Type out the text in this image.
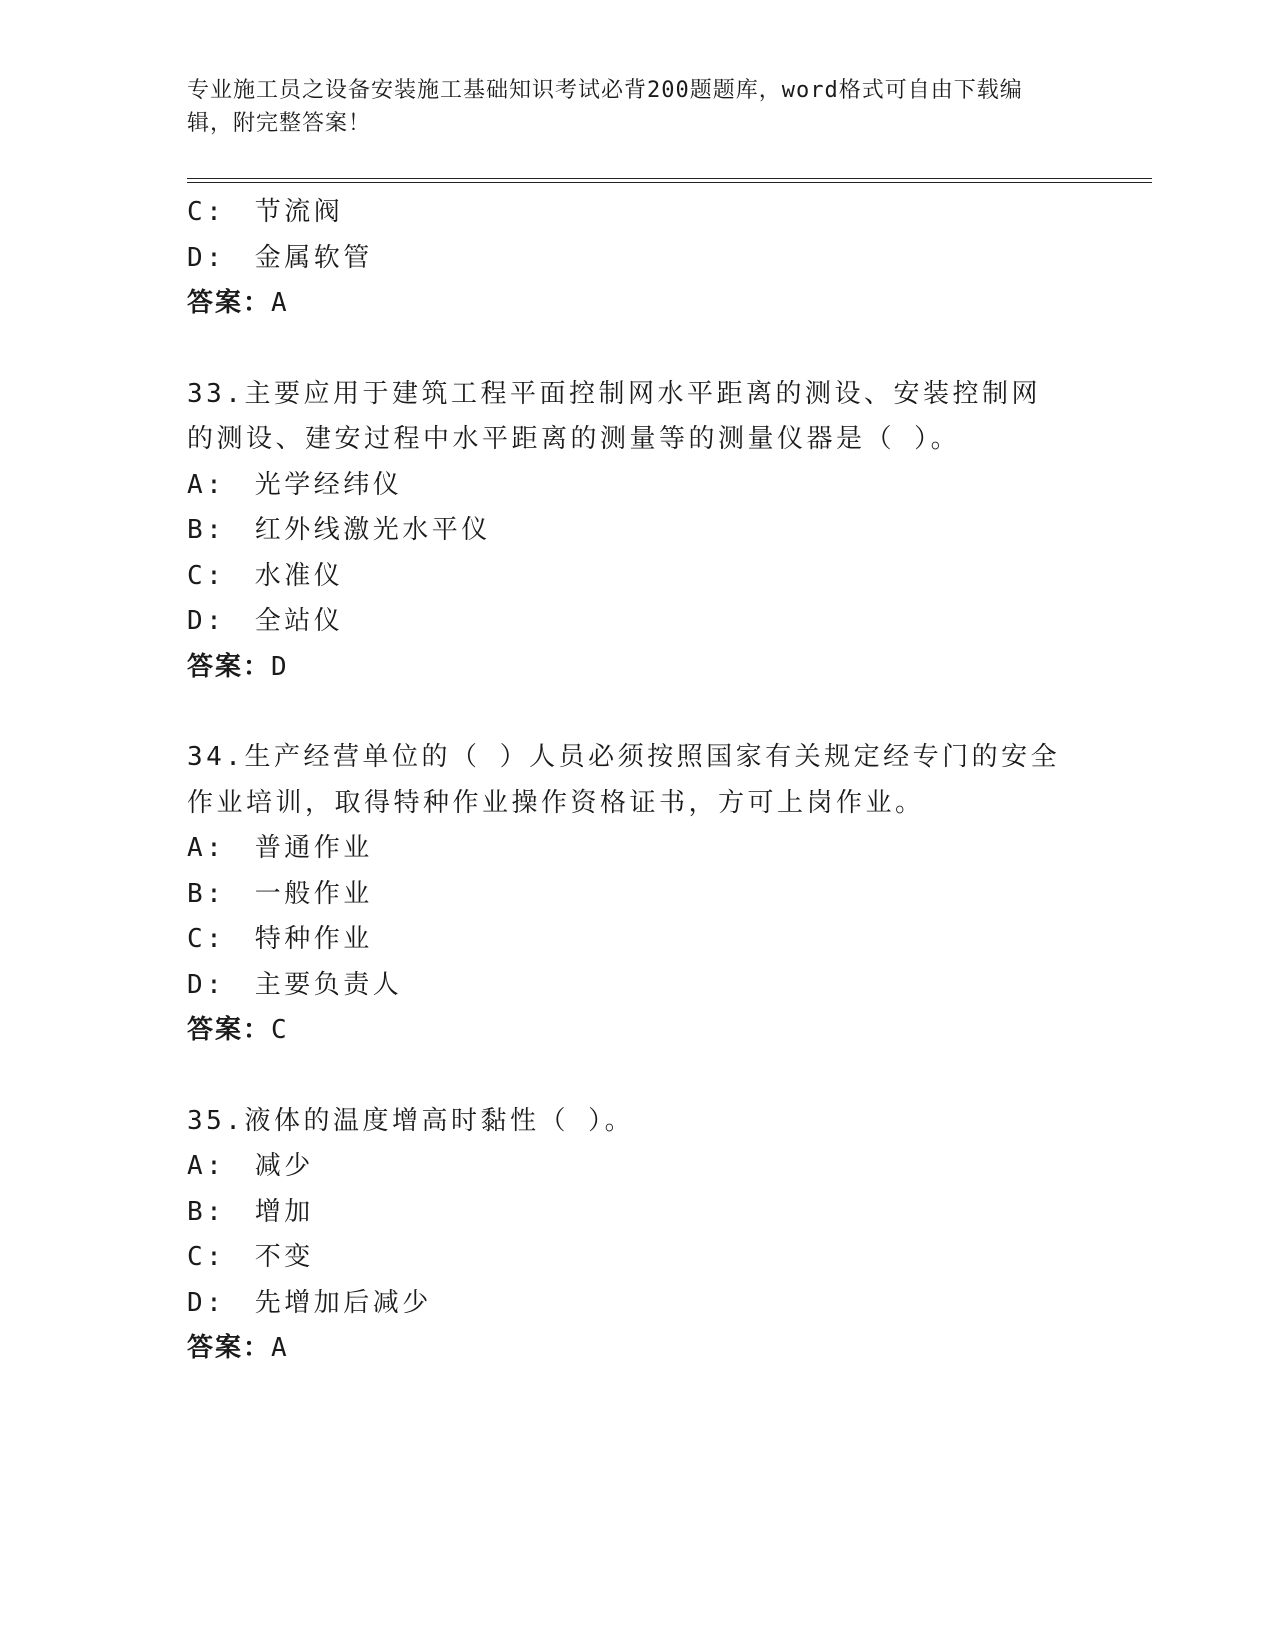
专业施工员之设备安装施工基础知识考试必背200题题库，word格式可自由下载编辑，附完整答案！
C:　节流阀
D:　金属软管
答案：A
33.主要应用于建筑工程平面控制网水平距离的测设、安装控制网的测设、建安过程中水平距离的测量等的测量仪器是（ ）。
A:　光学经纬仪
B:　红外线激光水平仪
C:　水准仪
D:　全站仪
答案：D
34.生产经营单位的（ ）人员必须按照国家有关规定经专门的安全作业培训，取得特种作业操作资格证书，方可上岗作业。
A:　普通作业
B:　一般作业
C:　特种作业
D:　主要负责人
答案：C
35.液体的温度增高时黏性（ ）。
A:　减少
B:　增加
C:　不变
D:　先增加后减少
答案：A
